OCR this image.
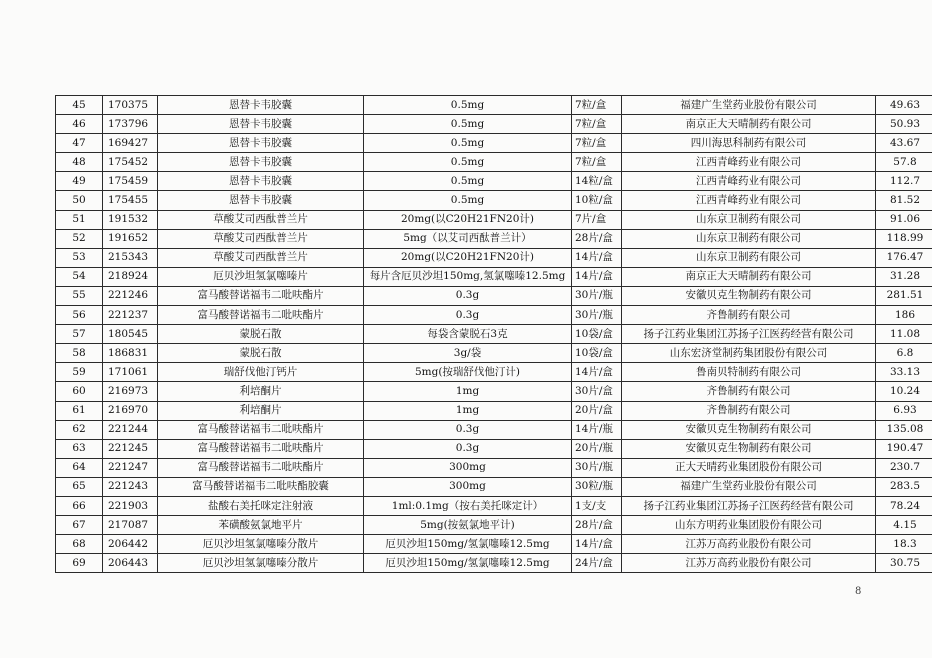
45	170375	恩替卡韦胶囊	0.5mg	7粒/盒	福建广生堂药业股份有限公司	49.63
46	173796	恩替卡韦胶囊	0.5mg	7粒/盒	南京正大天晴制药有限公司	50.93
47	169427	恩替卡韦胶囊	0.5mg	7粒/盒	四川海思科制药有限公司	43.67
48	175452	恩替卡韦胶囊	0.5mg	7粒/盒	江西青峰药业有限公司	57.8
49	175459	恩替卡韦胶囊	0.5mg	14粒/盒	江西青峰药业有限公司	112.7
50	175455	恩替卡韦胶囊	0.5mg	10粒/盒	江西青峰药业有限公司	81.52
51	191532	草酸艾司西酞普兰片	20mg(以C20H21FN20计)	7片/盒	山东京卫制药有限公司	91.06
52	191652	草酸艾司西酞普兰片	5mg（以艾司西酞普兰计）	28片/盒	山东京卫制药有限公司	118.99
53	215343	草酸艾司西酞普兰片	20mg(以C20H21FN20计)	14片/盒	山东京卫制药有限公司	176.47
54	218924	厄贝沙坦氢氯噻嗪片	每片含厄贝沙坦150mg,氢氯噻嗪12.5mg	14片/盒	南京正大天晴制药有限公司	31.28
55	221246	富马酸替诺福韦二吡呋酯片	0.3g	30片/瓶	安徽贝克生物制药有限公司	281.51
56	221237	富马酸替诺福韦二吡呋酯片	0.3g	30片/瓶	齐鲁制药有限公司	186
57	180545	蒙脱石散	每袋含蒙脱石3克	10袋/盒	扬子江药业集团江苏扬子江医药经营有限公司	11.08
58	186831	蒙脱石散	3g/袋	10袋/盒	山东宏济堂制药集团股份有限公司	6.8
59	171061	瑞舒伐他汀钙片	5mg(按瑞舒伐他汀计)	14片/盒	鲁南贝特制药有限公司	33.13
60	216973	利培酮片	1mg	30片/盒	齐鲁制药有限公司	10.24
61	216970	利培酮片	1mg	20片/盒	齐鲁制药有限公司	6.93
62	221244	富马酸替诺福韦二吡呋酯片	0.3g	14片/瓶	安徽贝克生物制药有限公司	135.08
63	221245	富马酸替诺福韦二吡呋酯片	0.3g	20片/瓶	安徽贝克生物制药有限公司	190.47
64	221247	富马酸替诺福韦二吡呋酯片	300mg	30片/瓶	正大天晴药业集团股份有限公司	230.7
65	221243	富马酸替诺福韦二吡呋酯胶囊	300mg	30粒/瓶	福建广生堂药业股份有限公司	283.5
66	221903	盐酸右美托咪定注射液	1ml:0.1mg（按右美托咪定计）	1支/支	扬子江药业集团江苏扬子江医药经营有限公司	78.24
67	217087	苯磺酸氨氯地平片	5mg(按氨氯地平计)	28片/盒	山东方明药业集团股份有限公司	4.15
68	206442	厄贝沙坦氢氯噻嗪分散片	厄贝沙坦150mg/氢氯噻嗪12.5mg	14片/盒	江苏万高药业股份有限公司	18.3
69	206443	厄贝沙坦氢氯噻嗪分散片	厄贝沙坦150mg/氢氯噻嗪12.5mg	24片/盒	江苏万高药业股份有限公司	30.75
8
